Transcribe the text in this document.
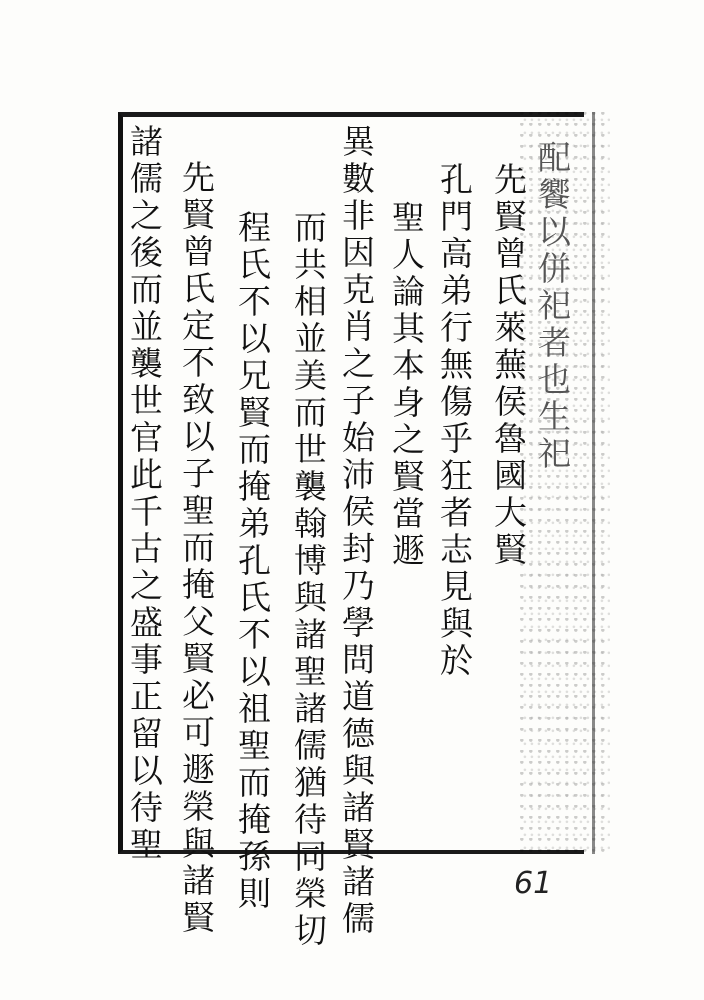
配饗以併祀者也生祀
先賢曾氏萊蕪侯魯國大賢
孔門高弟行無傷乎狂者志見與於
聖人論其本身之賢當遯
異數非因克肖之子始沛侯封乃學問道德與諸賢諸儒
而共相並美而世襲翰博與諸聖諸儒猶待同榮切
程氏不以兄賢而掩弟孔氏不以祖聖而掩孫則
先賢曾氏定不致以子聖而掩父賢必可遯榮與諸賢
諸儒之後而並襲世官此千古之盛事正留以待聖
61
